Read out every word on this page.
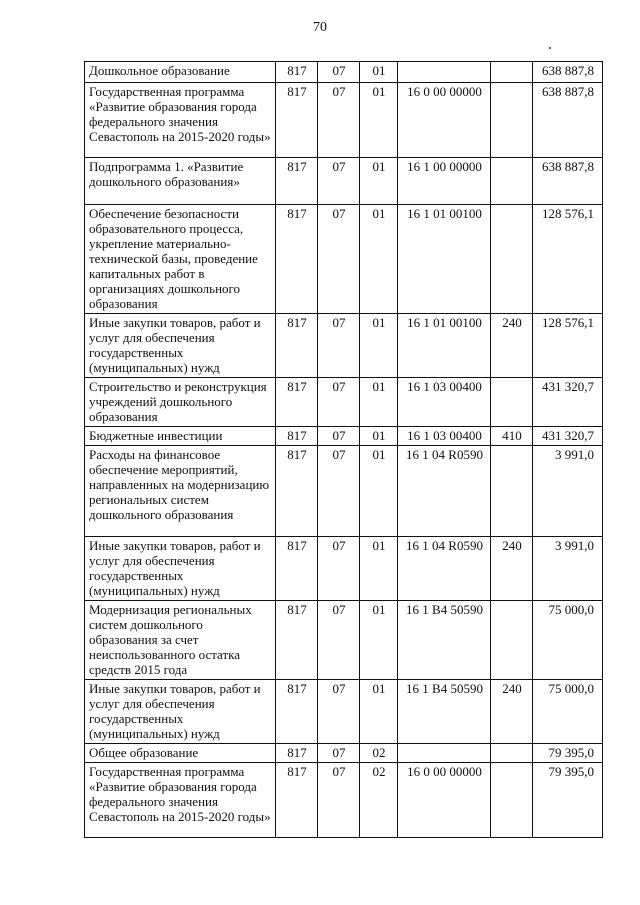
70
Дошкольное образование	817	07	01			638 887,8
Государственная программа «Развитие образования города федерального значения Севастополь на 2015-2020 годы»	817	07	01	16 0 00 00000		638 887,8
Подпрограмма 1. «Развитие дошкольного образования»	817	07	01	16 1 00 00000		638 887,8
Обеспечение безопасности образовательного процесса, укрепление материально-технической базы, проведение капитальных работ в организациях дошкольного образования	817	07	01	16 1 01 00100		128 576,1
Иные закупки товаров, работ и услуг для обеспечения государственных (муниципальных) нужд	817	07	01	16 1 01 00100	240	128 576,1
Строительство и реконструкция учреждений дошкольного образования	817	07	01	16 1 03 00400		431 320,7
Бюджетные инвестиции	817	07	01	16 1 03 00400	410	431 320,7
Расходы на финансовое обеспечение мероприятий, направленных на модернизацию региональных систем дошкольного образования	817	07	01	16 1 04 R0590		3 991,0
Иные закупки товаров, работ и услуг для обеспечения государственных (муниципальных) нужд	817	07	01	16 1 04 R0590	240	3 991,0
Модернизация региональных систем дошкольного образования за счет неиспользованного остатка средств 2015 года	817	07	01	16 1 B4 50590		75 000,0
Иные закупки товаров, работ и услуг для обеспечения государственных (муниципальных) нужд	817	07	01	16 1 B4 50590	240	75 000,0
Общее образование	817	07	02			79 395,0
Государственная программа «Развитие образования города федерального значения Севастополь на 2015-2020 годы»	817	07	02	16 0 00 00000		79 395,0
